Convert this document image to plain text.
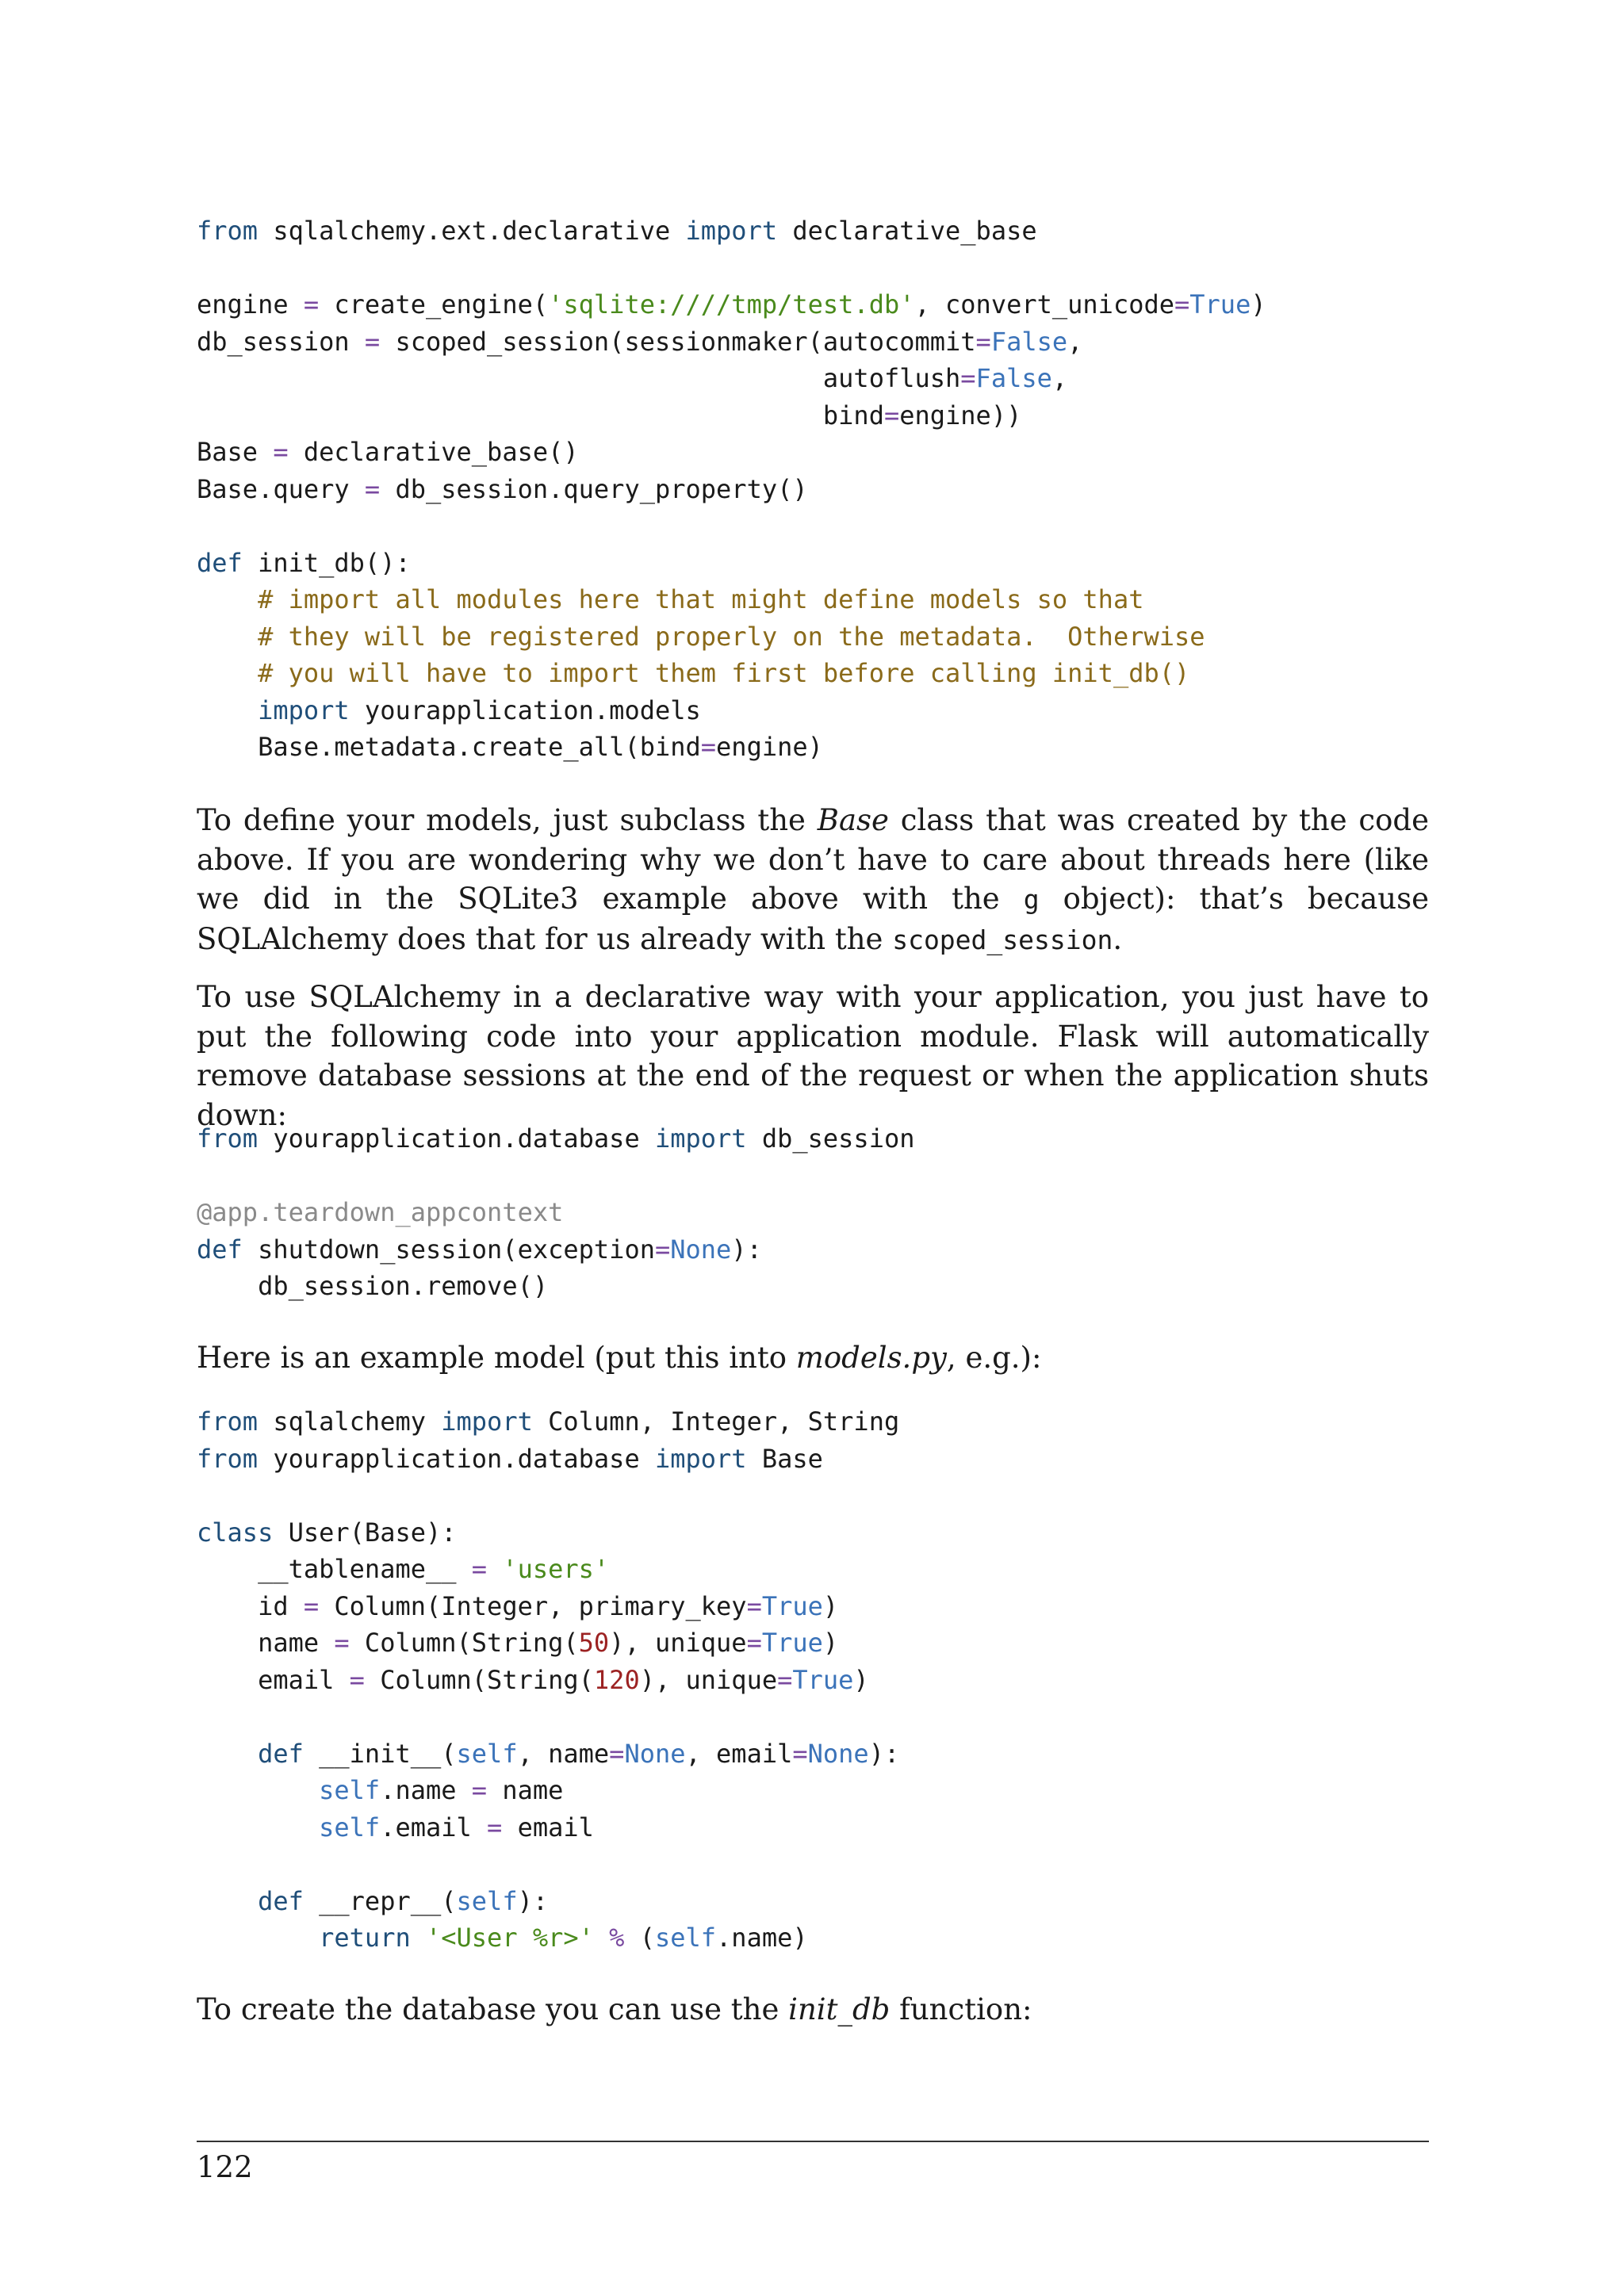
from sqlalchemy.ext.declarative import declarative_base
engine = create_engine('sqlite:////tmp/test.db', convert_unicode=True)
db_session = scoped_session(sessionmaker(autocommit=False,
autoflush=False,
bind=engine))
Base = declarative_base()
Base.query = db_session.query_property()
def init_db():
# import all modules here that might define models so that
# they will be registered properly on the metadata.  Otherwise
# you will have to import them first before calling init_db()
import yourapplication.models
Base.metadata.create_all(bind=engine)

To define your models, just subclass the Base class that was created by the code above. If you are wondering why we don’t have to care about threads here (like we did in the SQLite3 example above with the g object): that’s because SQLAlchemy does that for us already with the scoped_session.

To use SQLAlchemy in a declarative way with your application, you just have to put the following code into your application module. Flask will automatically remove database sessions at the end of the request or when the application shuts down:

from yourapplication.database import db_session
@app.teardown_appcontext
def shutdown_session(exception=None):
db_session.remove()

Here is an example model (put this into models.py, e.g.):

from sqlalchemy import Column, Integer, String
from yourapplication.database import Base
class User(Base):
__tablename__ = 'users'
id = Column(Integer, primary_key=True)
name = Column(String(50), unique=True)
email = Column(String(120), unique=True)
def __init__(self, name=None, email=None):
self.name = name
self.email = email
def __repr__(self):
return '<User %r>' % (self.name)

To create the database you can use the init_db function:

122
